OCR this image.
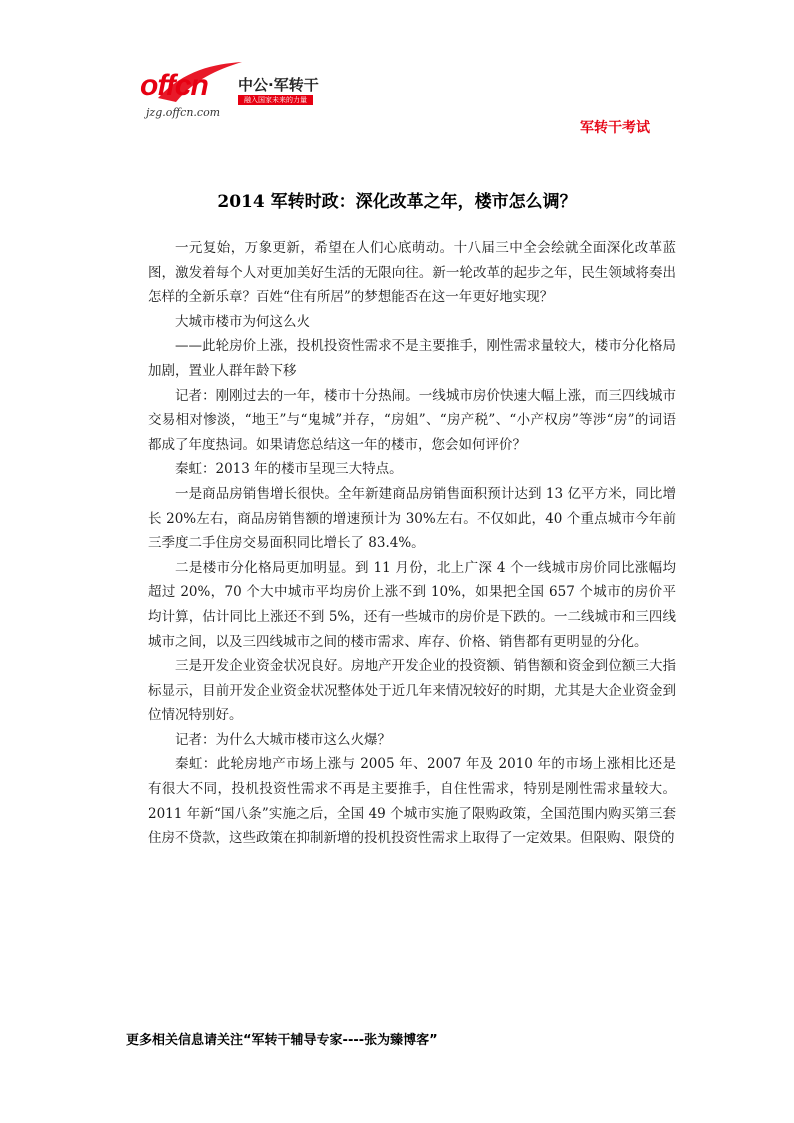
offcn	中公·军转干
融入国家未来的力量
jzg.offcn.com
军转干考试
2014 军转时政：深化改革之年，楼市怎么调？

一元复始，万象更新，希望在人们心底萌动。十八届三中全会绘就全面深化改革蓝图，激发着每个人对更加美好生活的无限向往。新一轮改革的起步之年，民生领域将奏出怎样的全新乐章？百姓“住有所居”的梦想能否在这一年更好地实现？

大城市楼市为何这么火

——此轮房价上涨，投机投资性需求不是主要推手，刚性需求量较大，楼市分化格局加剧，置业人群年龄下移

记者：刚刚过去的一年，楼市十分热闹。一线城市房价快速大幅上涨，而三四线城市交易相对惨淡，“地王”与“鬼城”并存，“房姐”、“房产税”、“小产权房”等涉“房”的词语都成了年度热词。如果请您总结这一年的楼市，您会如何评价？

秦虹：2013 年的楼市呈现三大特点。

一是商品房销售增长很快。全年新建商品房销售面积预计达到 13 亿平方米，同比增长 20%左右，商品房销售额的增速预计为 30%左右。不仅如此，40 个重点城市今年前三季度二手住房交易面积同比增长了 83.4%。

二是楼市分化格局更加明显。到 11 月份，北上广深 4 个一线城市房价同比涨幅均超过 20%，70 个大中城市平均房价上涨不到 10%，如果把全国 657 个城市的房价平均计算，估计同比上涨还不到 5%，还有一些城市的房价是下跌的。一二线城市和三四线城市之间，以及三四线城市之间的楼市需求、库存、价格、销售都有更明显的分化。

三是开发企业资金状况良好。房地产开发企业的投资额、销售额和资金到位额三大指标显示，目前开发企业资金状况整体处于近几年来情况较好的时期，尤其是大企业资金到位情况特别好。

记者：为什么大城市楼市这么火爆？

秦虹：此轮房地产市场上涨与 2005 年、2007 年及 2010 年的市场上涨相比还是有很大不同，投机投资性需求不再是主要推手，自住性需求，特别是刚性需求量较大。2011 年新“国八条”实施之后，全国 49 个城市实施了限购政策，全国范围内购买第三套住房不贷款，这些政策在抑制新增的投机投资性需求上取得了一定效果。但限购、限贷的

更多相关信息请关注“军转干辅导专家----张为臻博客”
